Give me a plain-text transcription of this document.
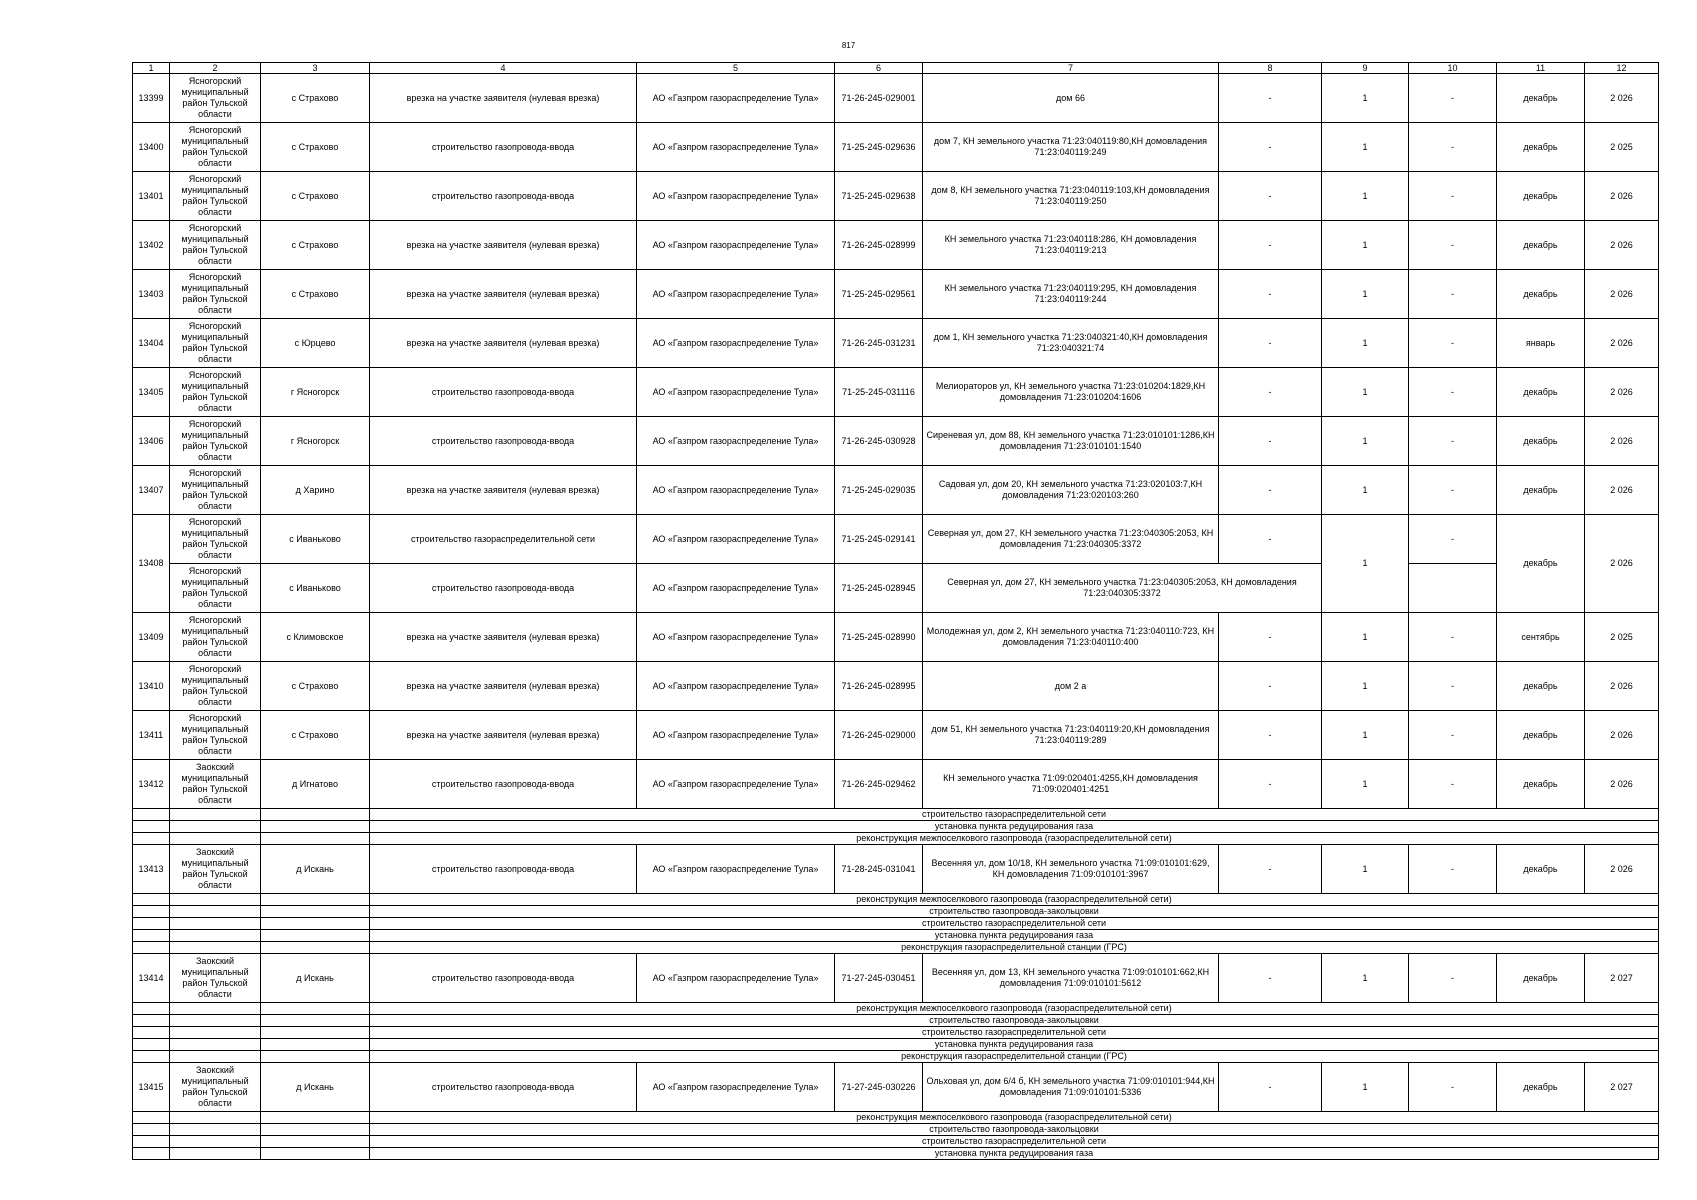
817
1	2	3	4	5	6	7	8	9	10	11	12
13399	Ясногорский муниципальный район Тульской области	с Страхово	врезка на участке заявителя (нулевая врезка)	АО «Газпром газораспределение Тула»	71-26-245-029001	дом 66	-	1	-	декабрь	2 026
13400	Ясногорский муниципальный район Тульской области	с Страхово	строительство газопровода-ввода	АО «Газпром газораспределение Тула»	71-25-245-029636	дом 7, КН земельного участка 71:23:040119:80,КН домовладения 71:23:040119:249	-	1	-	декабрь	2 025
13401	Ясногорский муниципальный район Тульской области	с Страхово	строительство газопровода-ввода	АО «Газпром газораспределение Тула»	71-25-245-029638	дом 8, КН земельного участка 71:23:040119:103,КН домовладения 71:23:040119:250	-	1	-	декабрь	2 026
13402	Ясногорский муниципальный район Тульской области	с Страхово	врезка на участке заявителя (нулевая врезка)	АО «Газпром газораспределение Тула»	71-26-245-028999	КН земельного участка 71:23:040118:286, КН домовладения 71:23:040119:213	-	1	-	декабрь	2 026
13403	Ясногорский муниципальный район Тульской области	с Страхово	врезка на участке заявителя (нулевая врезка)	АО «Газпром газораспределение Тула»	71-25-245-029561	КН земельного участка 71:23:040119:295, КН домовладения 71:23:040119:244	-	1	-	декабрь	2 026
13404	Ясногорский муниципальный район Тульской области	с Юрцево	врезка на участке заявителя (нулевая врезка)	АО «Газпром газораспределение Тула»	71-26-245-031231	дом 1, КН земельного участка 71:23:040321:40,КН домовладения 71:23:040321:74	-	1	-	январь	2 026
13405	Ясногорский муниципальный район Тульской области	г Ясногорск	строительство газопровода-ввода	АО «Газпром газораспределение Тула»	71-25-245-031116	Мелиораторов ул, КН земельного участка 71:23:010204:1829,КН домовладения 71:23:010204:1606	-	1	-	декабрь	2 026
13406	Ясногорский муниципальный район Тульской области	г Ясногорск	строительство газопровода-ввода	АО «Газпром газораспределение Тула»	71-26-245-030928	Сиреневая ул, дом 88, КН земельного участка 71:23:010101:1286,КН домовладения 71:23:010101:1540	-	1	-	декабрь	2 026
13407	Ясногорский муниципальный район Тульской области	д Харино	врезка на участке заявителя (нулевая врезка)	АО «Газпром газораспределение Тула»	71-25-245-029035	Садовая ул, дом 20, КН земельного участка 71:23:020103:7,КН домовладения 71:23:020103:260	-	1	-	декабрь	2 026
13408	Ясногорский муниципальный район Тульской области	с Иваньково	строительство газораспределительной сети	АО «Газпром газораспределение Тула»	71-25-245-029141	Северная ул, дом 27, КН земельного участка 71:23:040305:2053, КН домовладения 71:23:040305:3372	-	1	-	декабрь	2 026
	Ясногорский муниципальный район Тульской области	с Иваньково	строительство газопровода-ввода	АО «Газпром газораспределение Тула»	71-25-245-028945	Северная ул, дом 27, КН земельного участка 71:23:040305:2053, КН домовладения 71:23:040305:3372					
13409	Ясногорский муниципальный район Тульской области	с Климовское	врезка на участке заявителя (нулевая врезка)	АО «Газпром газораспределение Тула»	71-25-245-028990	Молодежная ул, дом 2, КН земельного участка 71:23:040110:723, КН домовладения 71:23:040110:400	-	1	-	сентябрь	2 025
13410	Ясногорский муниципальный район Тульской области	с Страхово	врезка на участке заявителя (нулевая врезка)	АО «Газпром газораспределение Тула»	71-26-245-028995	дом 2 а	-	1	-	декабрь	2 026
13411	Ясногорский муниципальный район Тульской области	с Страхово	врезка на участке заявителя (нулевая врезка)	АО «Газпром газораспределение Тула»	71-26-245-029000	дом 51, КН земельного участка 71:23:040119:20,КН домовладения 71:23:040119:289	-	1	-	декабрь	2 026
13412	Заокский муниципальный район Тульской области	д Игнатово	строительство газопровода-ввода	АО «Газпром газораспределение Тула»	71-26-245-029462	КН земельного участка 71:09:020401:4255,КН домовладения 71:09:020401:4251	-	1	-	декабрь	2 026
			строительство газораспределительной сети								
			установка пункта редуцирования газа								
			реконструкция межпоселкового газопровода (газораспределительной сети)								
13413	Заокский муниципальный район Тульской области	д Искань	строительство газопровода-ввода	АО «Газпром газораспределение Тула»	71-28-245-031041	Весенняя ул, дом 10/18, КН земельного участка 71:09:010101:629, КН домовладения 71:09:010101:3967	-	1	-	декабрь	2 026
			реконструкция межпоселкового газопровода (газораспределительной сети)								
			строительство газопровода-закольцовки								
			строительство газораспределительной сети								
			установка пункта редуцирования газа								
			реконструкция газораспределительной станции (ГРС)								
13414	Заокский муниципальный район Тульской области	д Искань	строительство газопровода-ввода	АО «Газпром газораспределение Тула»	71-27-245-030451	Весенняя ул, дом 13, КН земельного участка 71:09:010101:662,КН домовладения 71:09:010101:5612	-	1	-	декабрь	2 027
			реконструкция межпоселкового газопровода (газораспределительной сети)								
			строительство газопровода-закольцовки								
			строительство газораспределительной сети								
			установка пункта редуцирования газа								
			реконструкция газораспределительной станции (ГРС)								
13415	Заокский муниципальный район Тульской области	д Искань	строительство газопровода-ввода	АО «Газпром газораспределение Тула»	71-27-245-030226	Ольховая ул, дом 6/4 б, КН земельного участка 71:09:010101:944,КН домовладения 71:09:010101:5336	-	1	-	декабрь	2 027
			реконструкция межпоселкового газопровода (газораспределительной сети)								
			строительство газопровода-закольцовки								
			строительство газораспределительной сети								
			установка пункта редуцирования газа								
